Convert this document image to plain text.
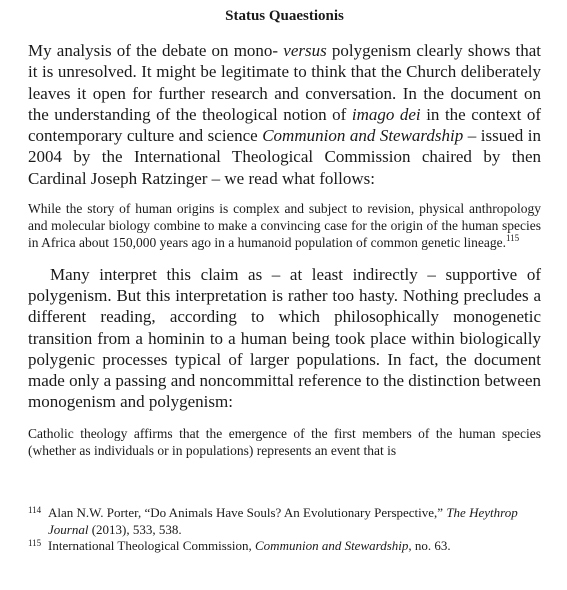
Status Quaestionis

My analysis of the debate on mono- versus polygenism clearly shows that it is unresolved. It might be legitimate to think that the Church deliberately leaves it open for further research and conversation. In the document on the understanding of the theological notion of imago dei in the context of contemporary culture and science Communion and Stewardship – issued in 2004 by the International Theological Commission chaired by then Cardinal Joseph Ratzinger – we read what follows:

While the story of human origins is complex and subject to revision, physical anthropology and molecular biology combine to make a convincing case for the origin of the human species in Africa about 150,000 years ago in a humanoid population of common genetic lineage.$^{115}$

Many interpret this claim as – at least indirectly – supportive of polygenism. But this interpretation is rather too hasty. Nothing precludes a different reading, according to which philosophically monogenetic transition from a hominin to a human being took place within biologically polygenic processes typical of larger populations. In fact, the document made only a passing and noncommittal reference to the distinction between monogenism and polygenism:

Catholic theology affirms that the emergence of the first members of the human species (whether as individuals or in populations) represents an event that is

114 Alan N.W. Porter, “Do Animals Have Souls? An Evolutionary Perspective,” The Heythrop Journal (2013), 533, 538.
115 International Theological Commission, Communion and Stewardship, no. 63.
